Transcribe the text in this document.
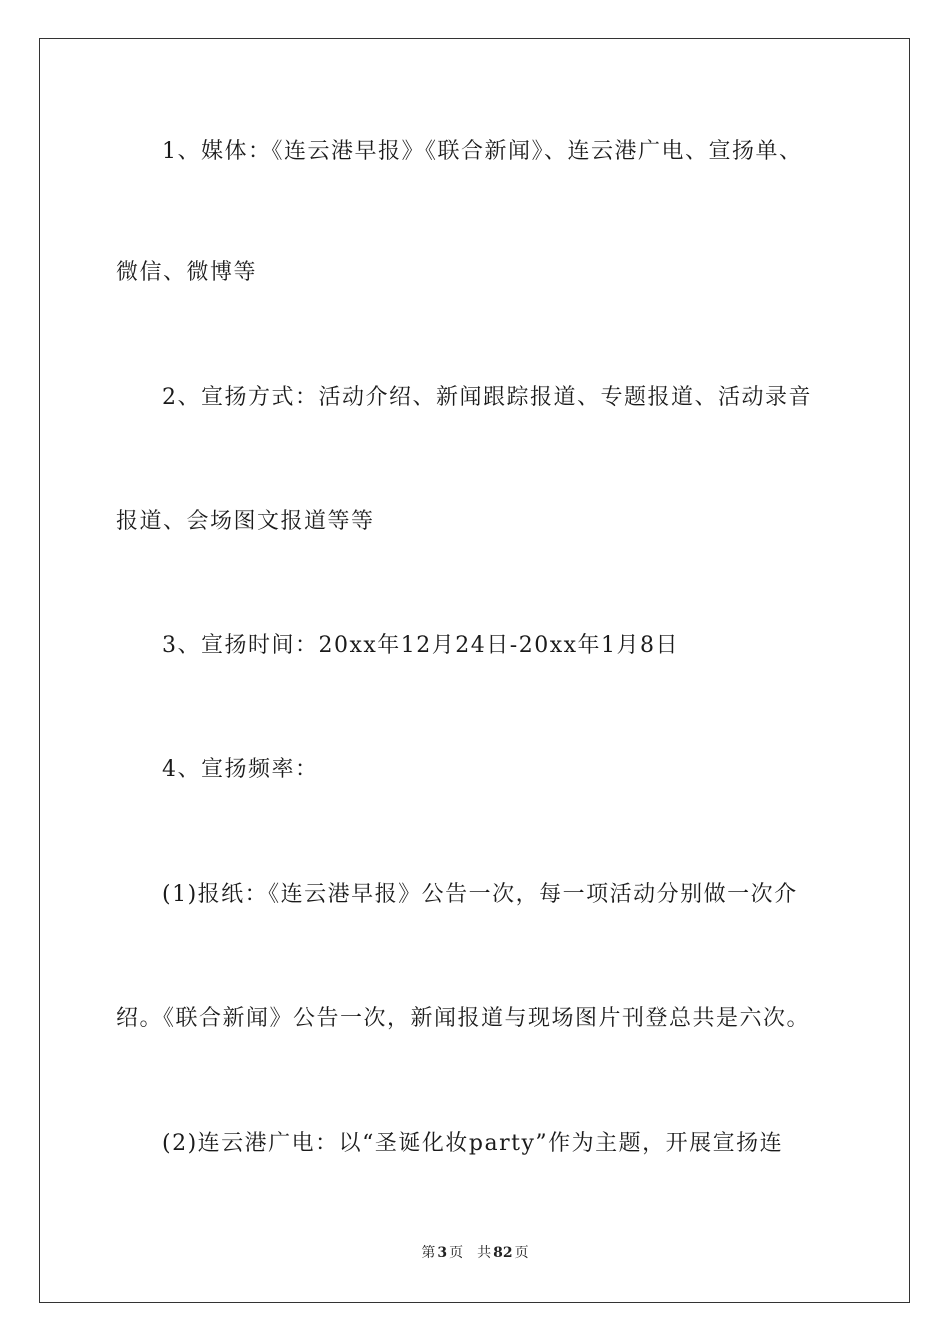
1、媒体：《连云港早报》《联合新闻》、连云港广电、宣扬单、
微信、微博等
2、宣扬方式：活动介绍、新闻跟踪报道、专题报道、活动录音
报道、会场图文报道等等
3、宣扬时间：20xx年12月24日-20xx年1月8日
4、宣扬频率：
(1)报纸：《连云港早报》公告一次，每一项活动分别做一次介
绍。《联合新闻》公告一次，新闻报道与现场图片刊登总共是六次。
(2)连云港广电：以“圣诞化妆party”作为主题，开展宣扬连
第 3 页　共 82 页
